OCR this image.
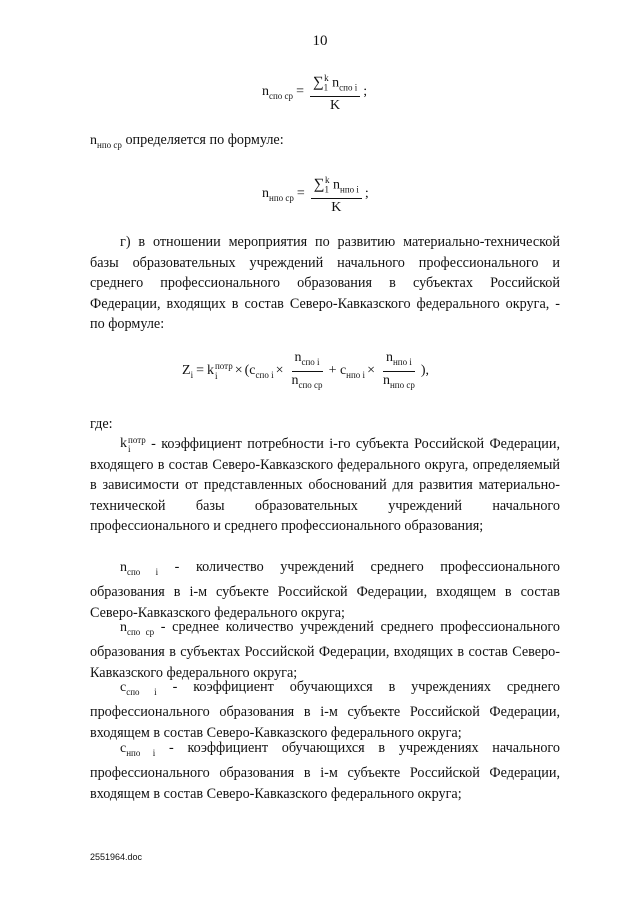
10
$n_{спо ср} = \frac{\sum_1^k n_{спо i}}{K}$ ;
$n_{нпо ср}$ определяется по формуле:
$n_{нпо ср} = \frac{\sum_1^k n_{нпо i}}{K}$ ;
г) в отношении мероприятия по развитию материально-технической базы образовательных учреждений начального профессионального и среднего профессионального образования в субъектах Российской Федерации, входящих в состав Северо-Кавказского федерального округа, - по формуле:
$Z_i = k$ потр
i	× ($c_{спо i} \times \frac{n_{спо i}}{n_{спо ср}} + c_{нпо i} \times \frac{n_{нпо i}}{n_{нпо ср}}$ ),
где:
k потр
i	- коэффициент потребности i-го субъекта Российской Федерации, входящего в состав Северо-Кавказского федерального округа, определяемый в зависимости от представленных обоснований для развития материально-технической базы образовательных учреждений начального профессионального и среднего профессионального образования;
$n_{спо i}$ - количество учреждений среднего профессионального образования в i-м субъекте Российской Федерации, входящем в состав Северо-Кавказского федерального округа;
$n_{спо ср}$ - среднее количество учреждений среднего профессионального образования в субъектах Российской Федерации, входящих в состав Северо-Кавказского федерального округа;
$c_{спо i}$ - коэффициент обучающихся в учреждениях среднего профессионального образования в i-м субъекте Российской Федерации, входящем в состав Северо-Кавказского федерального округа;
$c_{нпо i}$ - коэффициент обучающихся в учреждениях начального профессионального образования в i-м субъекте Российской Федерации, входящем в состав Северо-Кавказского федерального округа;
2551964.doc
